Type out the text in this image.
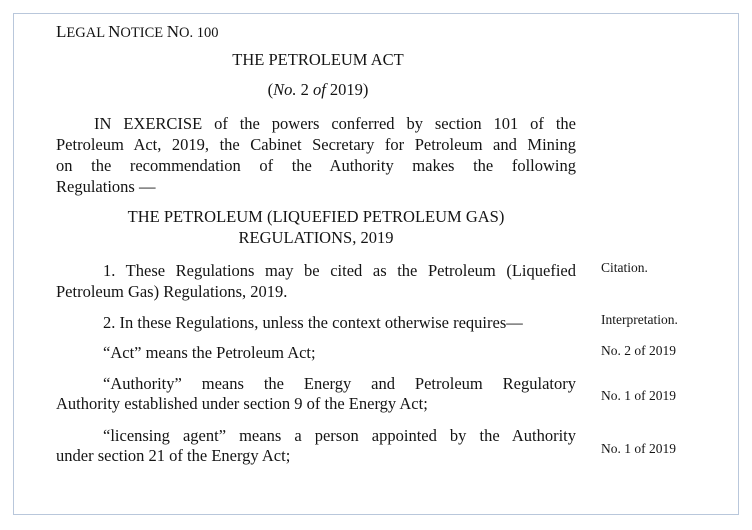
LEGAL NOTICE NO. 100
THE PETROLEUM ACT
(No. 2 of 2019)
IN EXERCISE of the powers conferred by section 101 of the
Petroleum Act, 2019, the Cabinet Secretary for Petroleum and Mining
on the recommendation of the Authority makes the following
Regulations —
THE PETROLEUM (LIQUEFIED PETROLEUM GAS)
REGULATIONS, 2019
1. These Regulations may be cited as the Petroleum (Liquefied
Petroleum Gas) Regulations, 2019.
Citation.
2. In these Regulations, unless the context otherwise requires—	Interpretation.
“Act” means the Petroleum Act;	No. 2 of 2019
“Authority” means the Energy and Petroleum Regulatory
Authority established under section 9 of the Energy Act;	No. 1 of 2019
“licensing agent” means a person appointed by the Authority
under section 21 of the Energy Act;	No. 1 of 2019
